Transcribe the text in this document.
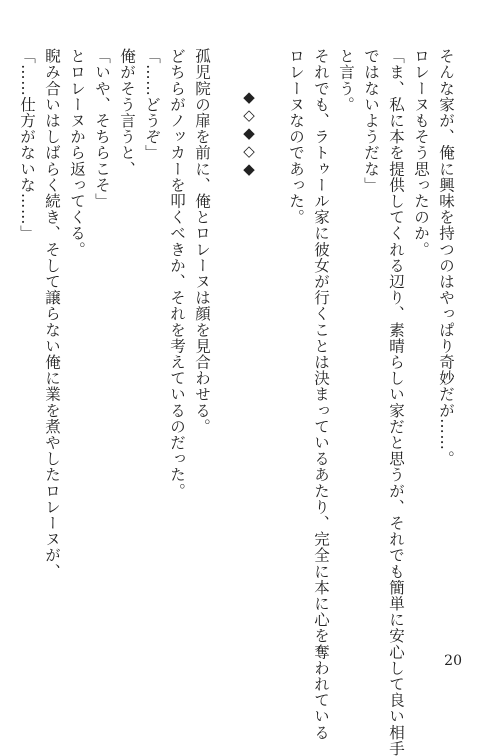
そんな家が、俺に興味を持つのはやっぱり奇妙だが……。
ロレーヌもそう思ったのか。
「ま、私に本を提供してくれる辺り、素晴らしい家だと思うが、それでも簡単に安心して良い相手
ではないようだな」
と言う。
それでも、ラトゥール家に彼女が行くことは決まっているあたり、完全に本に心を奪われている
ロレーヌなのであった。
◆◇◆◇◆
孤児院の扉を前に、俺とロレーヌは顔を見合わせる。
どちらがノッカーを叩くべきか、それを考えているのだった。
「……どうぞ」
俺がそう言うと、
「いや、そちらこそ」
とロレーヌから返ってくる。
睨み合いはしばらく続き、そして譲らない俺に業を煮やしたロレーヌが、
「……仕方がないな……」
20
